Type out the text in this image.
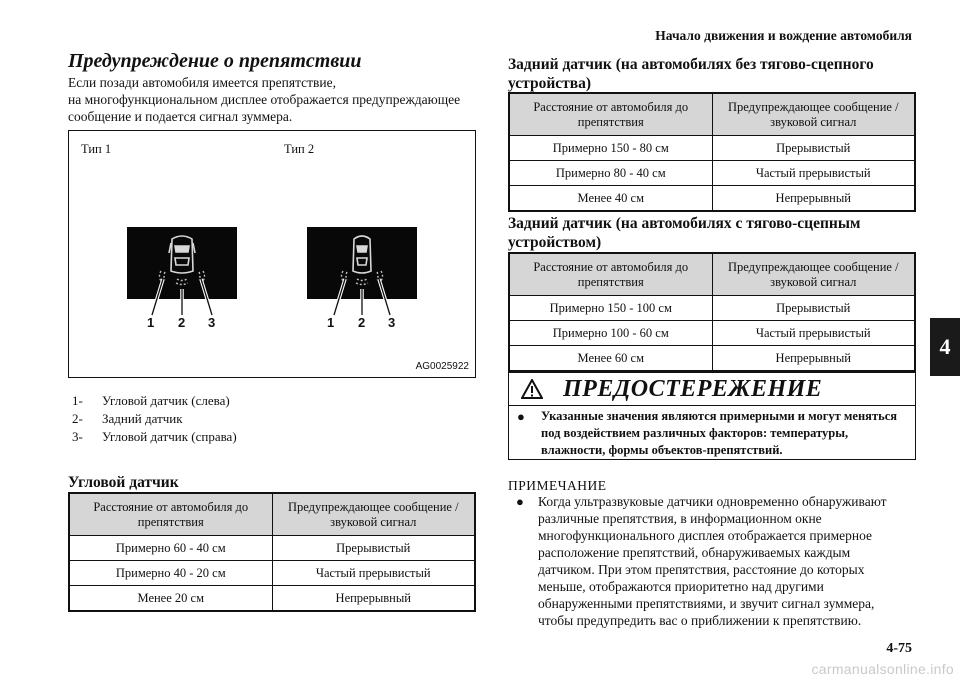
Начало движения и вождение автомобиля
4
4-75
carmanualsonline.info
Предупреждение о препятствии
Если позади автомобиля имеется препятствие,
на многофункциональном дисплее отображается предупреждающее
сообщение и подается сигнал зуммера.
Тип 1	Тип 2
1 2 3	1 2 3
AG0025922
1-	Угловой датчик (слева)
2-	Задний датчик
3-	Угловой датчик (справа)
Угловой датчик
Расстояние от автомобиля до препятствия	Предупреждающее сообщение / звуковой сигнал
Примерно 60 - 40 см	Прерывистый
Примерно 40 - 20 см	Частый прерывистый
Менее 20 см	Непрерывный
Задний датчик (на автомобилях без тягово-сцепного
устройства)
Расстояние от автомобиля до препятствия	Предупреждающее сообщение / звуковой сигнал
Примерно 150 - 80 см	Прерывистый
Примерно 80 - 40 см	Частый прерывистый
Менее 40 см	Непрерывный
Задний датчик (на автомобилях с тягово-сцепным
устройством)
Расстояние от автомобиля до препятствия	Предупреждающее сообщение / звуковой сигнал
Примерно 150 - 100 см	Прерывистый
Примерно 100 - 60 см	Частый прерывистый
Менее 60 см	Непрерывный
ПРЕДОСТЕРЕЖЕНИЕ
●	Указанные значения являются примерными и могут меняться
под воздействием различных факторов: температуры,
влажности, формы объектов-препятствий.
ПРИМЕЧАНИЕ
●	Когда ультразвуковые датчики одновременно обнаруживают
различные препятствия, в информационном окне
многофункционального дисплея отображается примерное
расположение препятствий, обнаруживаемых каждым
датчиком. При этом препятствия, расстояние до которых
меньше, отображаются приоритетно над другими
обнаруженными препятствиями, и звучит сигнал зуммера,
чтобы предупредить вас о приближении к препятствию.
